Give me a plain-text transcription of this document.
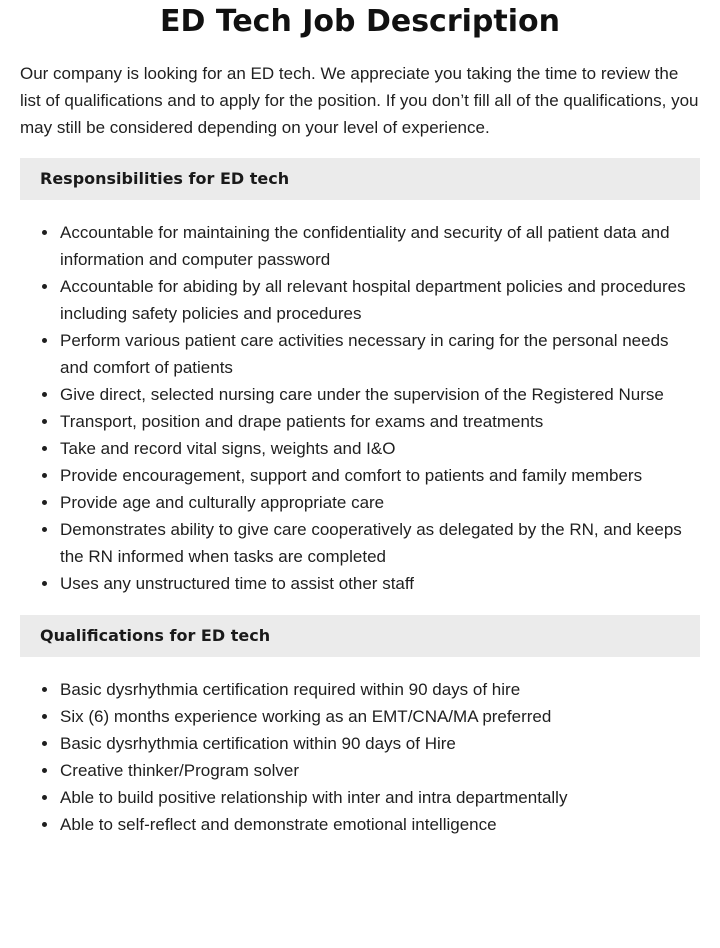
ED Tech Job Description

Our company is looking for an ED tech. We appreciate you taking the time to review the list of qualifications and to apply for the position. If you don’t fill all of the qualifications, you may still be considered depending on your level of experience.

Responsibilities for ED tech
Accountable for maintaining the confidentiality and security of all patient data and information and computer password
Accountable for abiding by all relevant hospital department policies and procedures including safety policies and procedures
Perform various patient care activities necessary in caring for the personal needs and comfort of patients
Give direct, selected nursing care under the supervision of the Registered Nurse
Transport, position and drape patients for exams and treatments
Take and record vital signs, weights and I&O
Provide encouragement, support and comfort to patients and family members
Provide age and culturally appropriate care
Demonstrates ability to give care cooperatively as delegated by the RN, and keeps the RN informed when tasks are completed
Uses any unstructured time to assist other staff
Qualifications for ED tech
Basic dysrhythmia certification required within 90 days of hire
Six (6) months experience working as an EMT/CNA/MA preferred
Basic dysrhythmia certification within 90 days of Hire
Creative thinker/Program solver
Able to build positive relationship with inter and intra departmentally
Able to self-reflect and demonstrate emotional intelligence
